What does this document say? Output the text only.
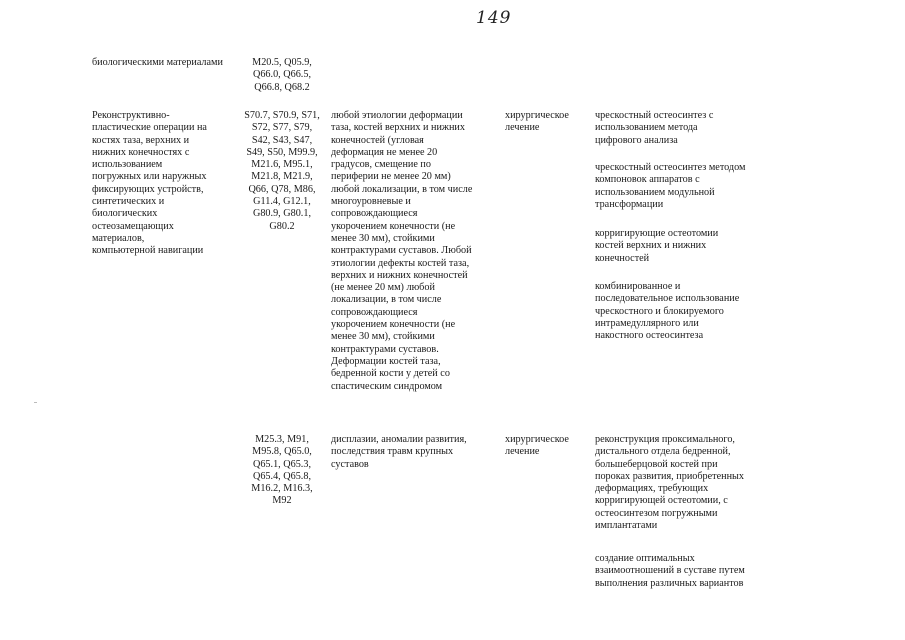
149

биологическими материалами	M20.5, Q05.9,
Q66.0, Q66.5,
Q66.8, Q68.2

Реконструктивно-
пластические операции на
костях таза, верхних и
нижних конечностях с
использованием
погружных или наружных
фиксирующих устройств,
синтетических и
биологических
остеозамещающих
материалов,
компьютерной навигации

S70.7, S70.9, S71,
S72, S77, S79,
S42, S43, S47,
S49, S50, M99.9,
M21.6, M95.1,
M21.8, M21.9,
Q66, Q78, M86,
G11.4, G12.1,
G80.9, G80.1,
G80.2

любой этиологии деформации
таза, костей верхних и нижних
конечностей (угловая
деформация не менее 20
градусов, смещение по
периферии не менее 20 мм)
любой локализации, в том числе
многоуровневые и
сопровождающиеся
укорочением конечности (не
менее 30 мм), стойкими
контрактурами суставов. Любой
этиологии дефекты костей таза,
верхних и нижних конечностей
(не менее 20 мм) любой
локализации, в том числе
сопровождающиеся
укорочением конечности (не
менее 30 мм), стойкими
контрактурами суставов.
Деформации костей таза,
бедренной кости у детей со
спастическим синдромом

хирургическое
лечение

чрескостный остеосинтез с
использованием метода
цифрового анализа

чрескостный остеосинтез методом
компоновок аппаратов с
использованием модульной
трансформации

корригирующие остеотомии
костей верхних и нижних
конечностей

комбинированное и
последовательное использование
чрескостного и блокируемого
интрамедуллярного или
накостного остеосинтеза

M25.3, M91,
M95.8, Q65.0,
Q65.1, Q65.3,
Q65.4, Q65.8,
M16.2, M16.3,
M92

дисплазии, аномалии развития,
последствия травм крупных
суставов

хирургическое
лечение

реконструкция проксимального,
дистального отдела бедренной,
большеберцовой костей при
пороках развития, приобретенных
деформациях, требующих
корригирующей остеотомии, с
остеосинтезом погружными
имплантатами

создание оптимальных
взаимоотношений в суставе путем
выполнения различных вариантов
